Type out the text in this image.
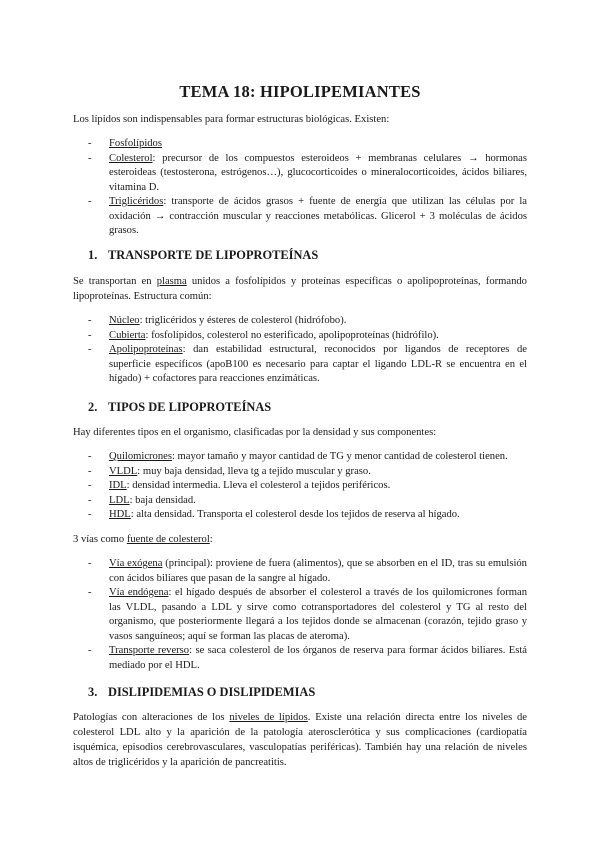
TEMA 18: HIPOLIPEMIANTES

Los lípidos son indispensables para formar estructuras biológicas. Existen:

- Fosfolípidos
- Colesterol: precursor de los compuestos esteroideos + membranas celulares → hormonas esteroideas (testosterona, estrógenos…), glucocorticoides o mineralocorticoides, ácidos biliares, vitamina D.
- Triglicéridos: transporte de ácidos grasos + fuente de energía que utilizan las células por la oxidación → contracción muscular y reacciones metabólicas. Glicerol + 3 moléculas de ácidos grasos.
1. TRANSPORTE DE LIPOPROTEÍNAS

Se transportan en plasma unidos a fosfolípidos y proteínas específicas o apolipoproteínas, formando lipoproteínas. Estructura común:

- Núcleo: triglicéridos y ésteres de colesterol (hidrófobo).
- Cubierta: fosfolípidos, colesterol no esterificado, apolipoproteínas (hidrófilo).
- Apolipoproteínas: dan estabilidad estructural, reconocidos por ligandos de receptores de superficie específicos (apoB100 es necesario para captar el ligando LDL-R se encuentra en el hígado) + cofactores para reacciones enzimáticas.
2. TIPOS DE LIPOPROTEÍNAS

Hay diferentes tipos en el organismo, clasificadas por la densidad y sus componentes:

- Quilomicrones: mayor tamaño y mayor cantidad de TG y menor cantidad de colesterol tienen.
- VLDL: muy baja densidad, lleva tg a tejido muscular y graso.
- IDL: densidad intermedia. Lleva el colesterol a tejidos periféricos.
- LDL: baja densidad.
- HDL: alta densidad. Transporta el colesterol desde los tejidos de reserva al hígado.

3 vías como fuente de colesterol:

- Vía exógena (principal): proviene de fuera (alimentos), que se absorben en el ID, tras su emulsión con ácidos biliares que pasan de la sangre al hígado.
- Vía endógena: el hígado después de absorber el colesterol a través de los quilomicrones forman las VLDL, pasando a LDL y sirve como cotransportadores del colesterol y TG al resto del organismo, que posteriormente llegará a los tejidos donde se almacenan (corazón, tejido graso y vasos sanguíneos; aquí se forman las placas de ateroma).
- Transporte reverso: se saca colesterol de los órganos de reserva para formar ácidos biliares. Está mediado por el HDL.
3. DISLIPIDEMIAS O DISLIPIDEMIAS

Patologías con alteraciones de los niveles de lípidos. Existe una relación directa entre los niveles de colesterol LDL alto y la aparición de la patología aterosclerótica y sus complicaciones (cardiopatía isquémica, episodios cerebrovasculares, vasculopatías periféricas). También hay una relación de niveles altos de triglicéridos y la aparición de pancreatitis.
